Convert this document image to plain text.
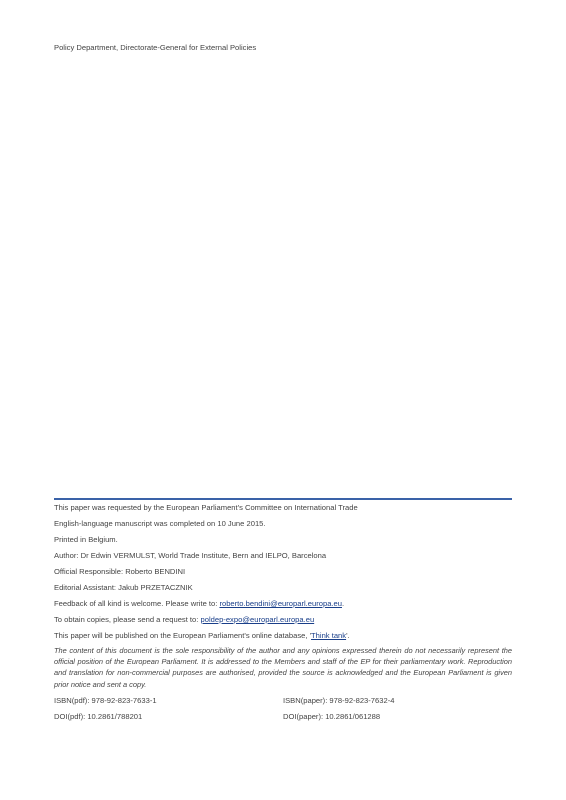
Policy Department, Directorate-General for External Policies
This paper was requested by the European Parliament's Committee on International Trade
English-language manuscript was completed on 10 June 2015.
Printed in Belgium.
Author: Dr Edwin VERMULST, World Trade Institute, Bern and IELPO, Barcelona
Official Responsible: Roberto BENDINI
Editorial Assistant: Jakub PRZETACZNIK
Feedback of all kind is welcome. Please write to: roberto.bendini@europarl.europa.eu.
To obtain copies, please send a request to: poldep-expo@europarl.europa.eu
This paper will be published on the European Parliament's online database, 'Think tank'.
The content of this document is the sole responsibility of the author and any opinions expressed therein do not necessarily represent the official position of the European Parliament. It is addressed to the Members and staff of the EP for their parliamentary work. Reproduction and translation for non-commercial purposes are authorised, provided the source is acknowledged and the European Parliament is given prior notice and sent a copy.
ISBN(pdf): 978-92-823-7633-1	ISBN(paper): 978-92-823-7632-4
DOI(pdf): 10.2861/788201	DOI(paper): 10.2861/061288
